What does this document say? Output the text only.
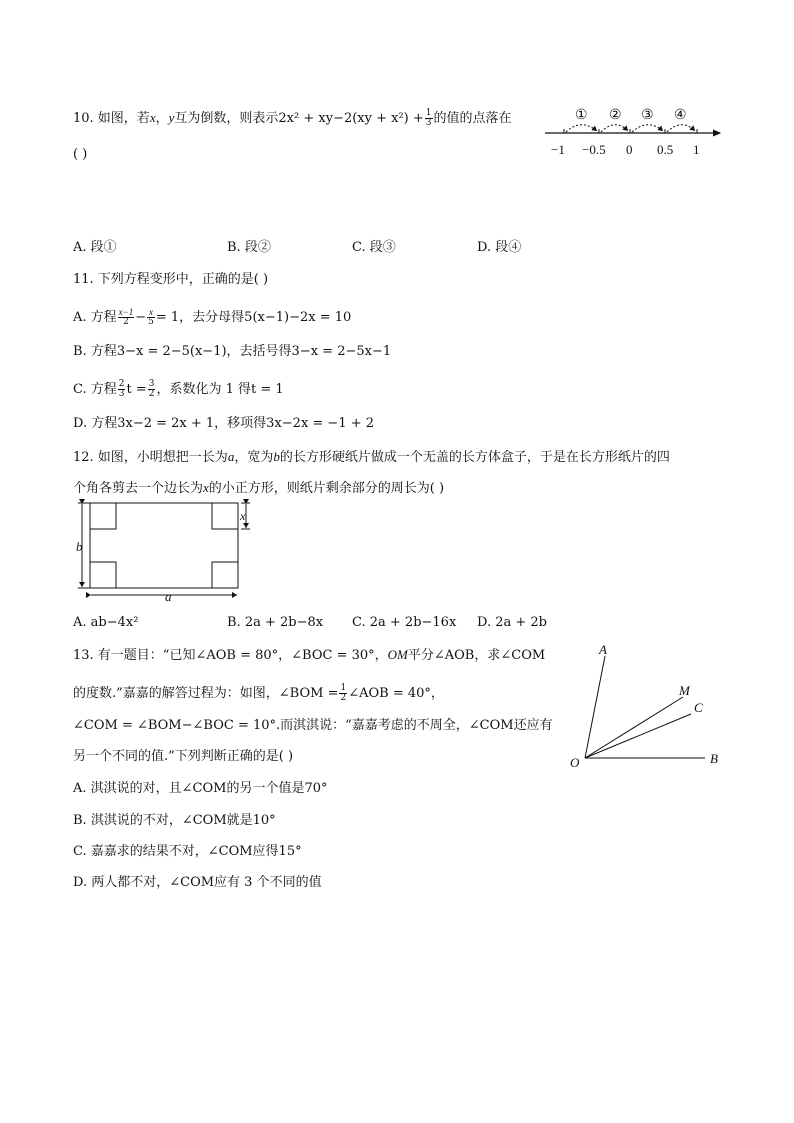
10. 如图，若x，y互为倒数，则表示$2x^2 + xy-2(xy + x^2) + \frac{1}{3}$ 的值的点落在
( )
① ② ③ ④
−1 −0.5 0 0.5 1
A. 段①	B. 段②	C. 段③	D. 段④
11. 下列方程变形中，正确的是( )
A. 方程 $\frac{x-1}{2} - \frac{x}{5} = 1$，去分母得5(x−1)−2x = 10
B. 方程3−x = 2−5(x−1)，去括号得3−x = 2−5x−1
C. 方程 $\frac{2}{3}$ $t = \frac{3}{2}$ ，系数化为 1 得t = 1
D. 方程3x−2 = 2x + 1，移项得3x−2x = −1 + 2
12. 如图，小明想把一长为a，宽为b的长方形硬纸片做成一个无盖的长方体盒子，于是在长方形纸片的四
个角各剪去一个边长为x的小正方形，则纸片剩余部分的周长为( )
b
a
x
A. ab−4x²	B. 2a + 2b−8x C. 2a + 2b−16x D. 2a + 2b
13. 有一题目：“已知∠AOB = 80°，∠BOC = 30°，OM平分∠AOB，求∠COM
的度数.”嘉嘉的解答过程为：如图，∠BOM = $\frac{1}{2}$ ∠AOB = 40°，
∠COM = ∠BOM−∠BOC = 10°.而淇淇说：“嘉嘉考虑的不周全，∠COM还应有
另一个不同的值.”下列判断正确的是( )
A
M
C
O	B
A. 淇淇说的对，且∠COM的另一个值是70°
B. 淇淇说的不对，∠COM就是10°
C. 嘉嘉求的结果不对，∠COM应得15°
D. 两人都不对，∠COM应有 3 个不同的值
